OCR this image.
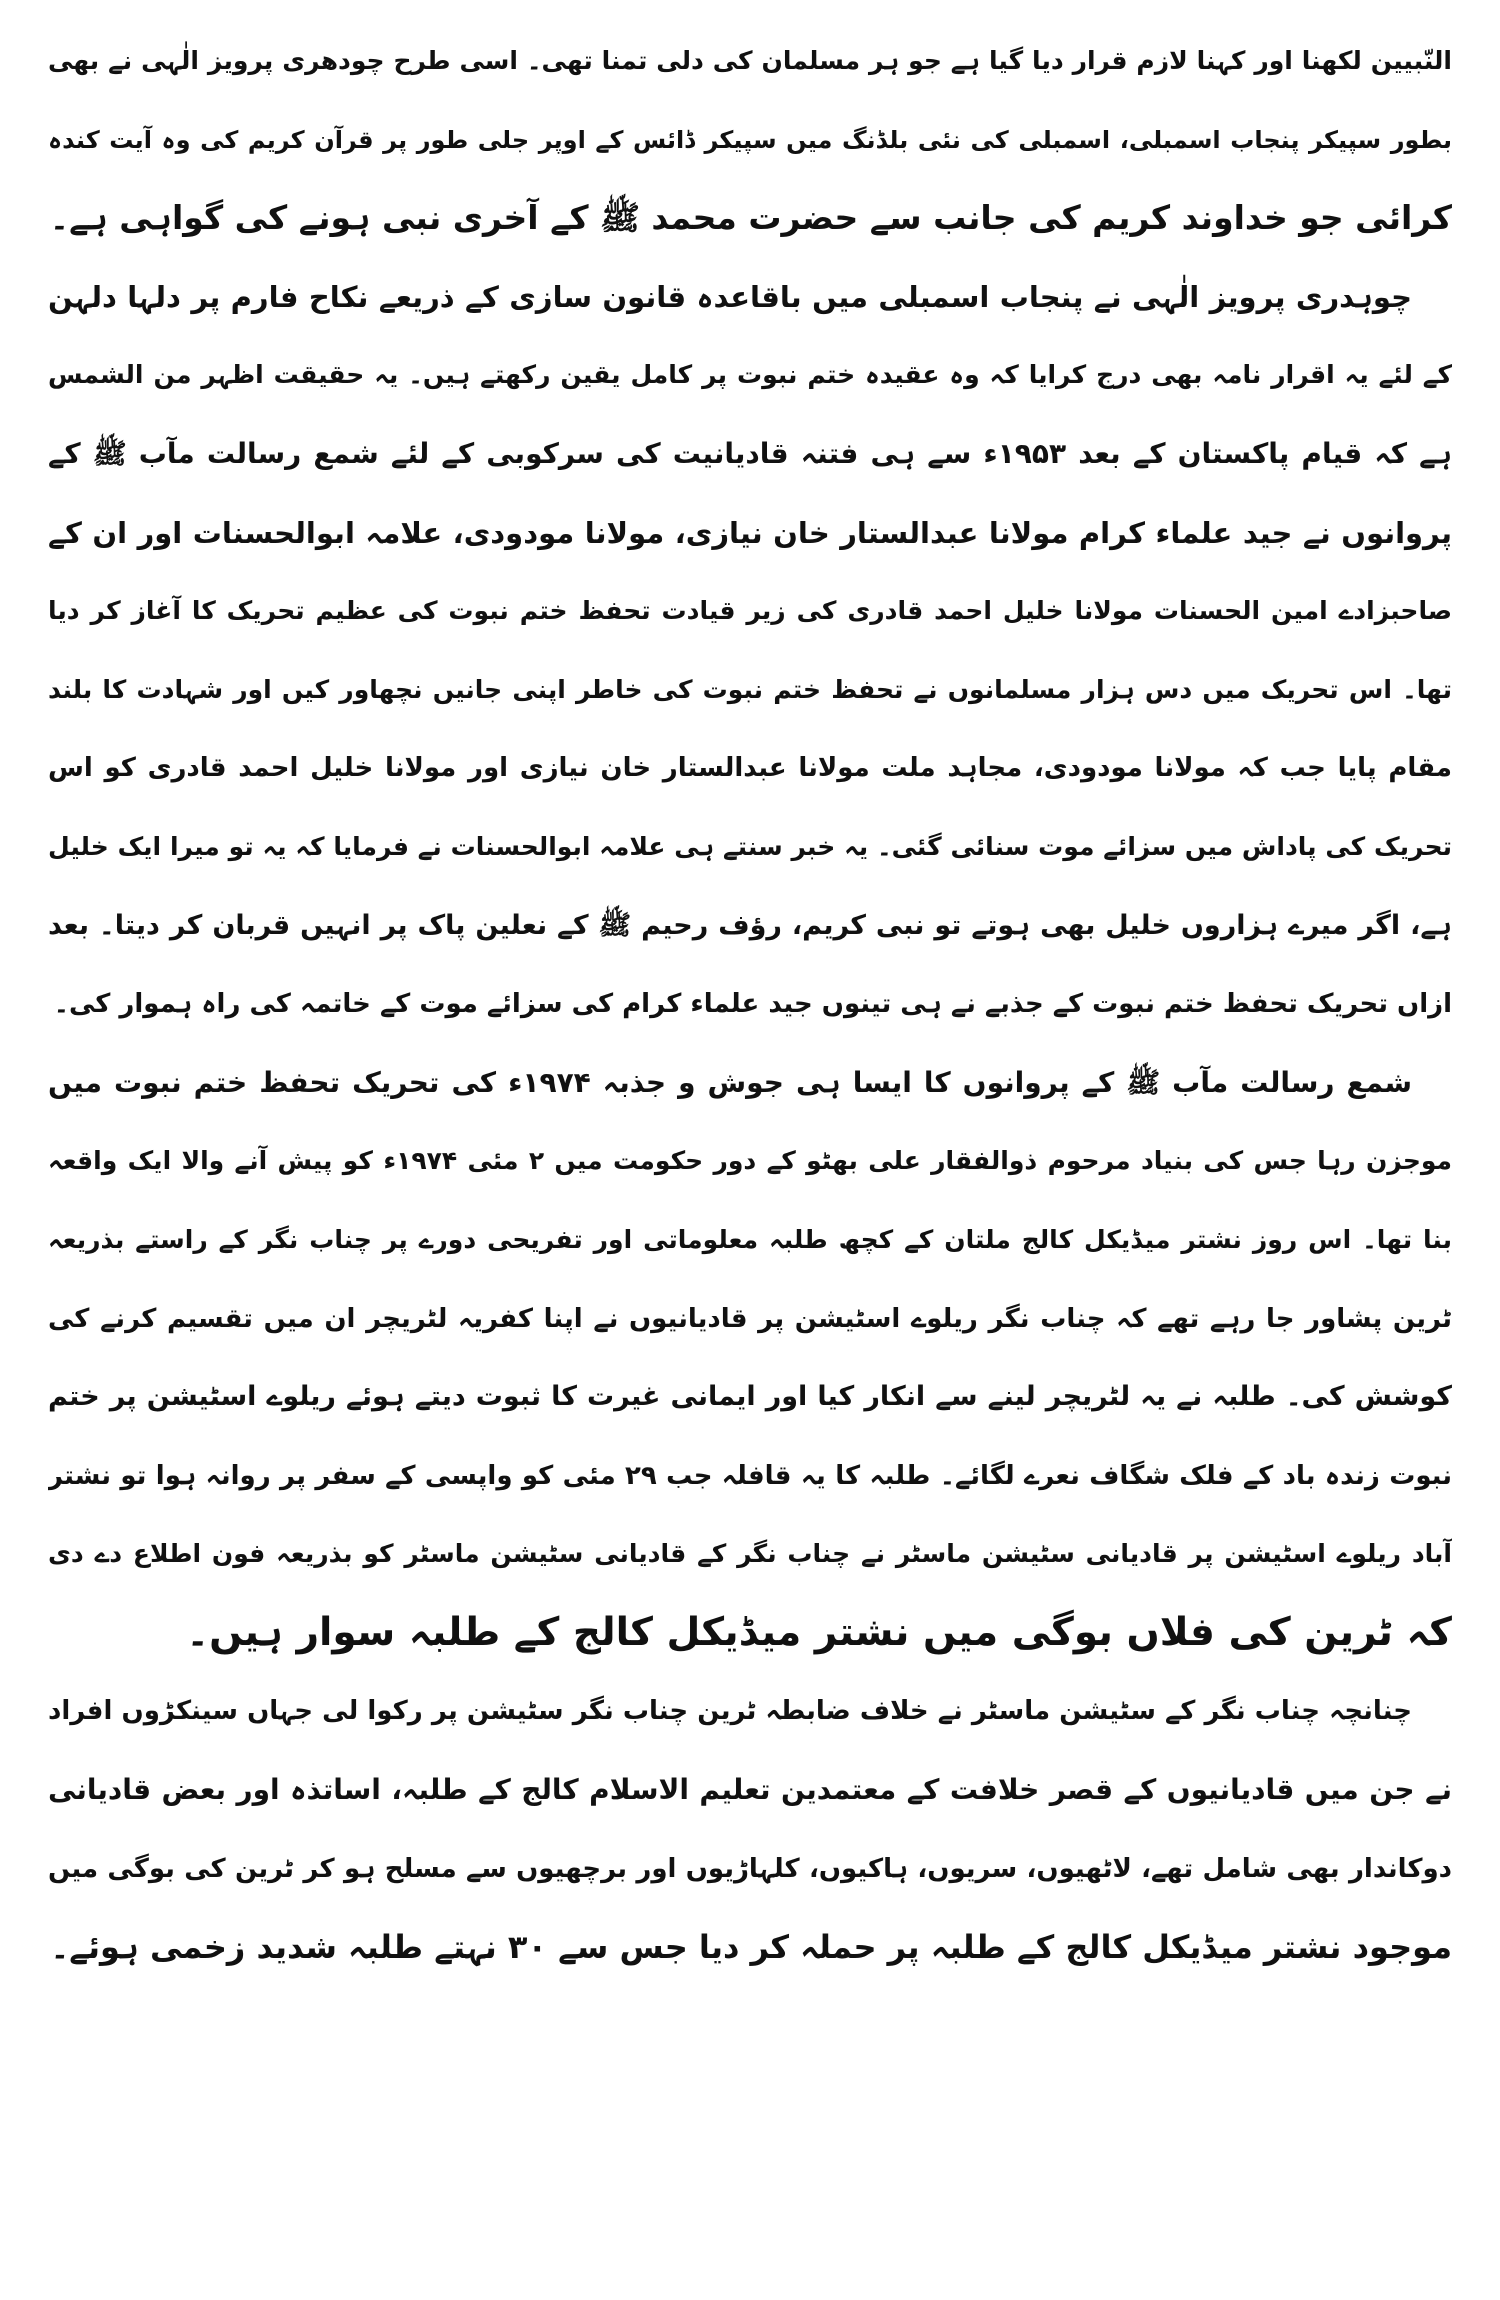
النّبیین لکھنا اور کہنا لازم قرار دیا گیا ہے جو ہر مسلمان کی دلی تمنا تھی۔ اسی طرح چودھری پرویز الٰہی نے بھی
بطور سپیکر پنجاب اسمبلی، اسمبلی کی نئی بلڈنگ میں سپیکر ڈائس کے اوپر جلی طور پر قرآن کریم کی وہ آیت کندہ
کرائی جو خداوند کریم کی جانب سے حضرت محمد ﷺ کے آخری نبی ہونے کی گواہی ہے۔
چوہدری پرویز الٰہی نے پنجاب اسمبلی میں باقاعدہ قانون سازی کے ذریعے نکاح فارم پر دلہا دلہن
کے لئے یہ اقرار نامہ بھی درج کرایا کہ وہ عقیدہ ختم نبوت پر کامل یقین رکھتے ہیں۔ یہ حقیقت اظہر من الشمس
ہے کہ قیام پاکستان کے بعد ۱۹۵۳ء سے ہی فتنہ قادیانیت کی سرکوبی کے لئے شمع رسالت مآب ﷺ کے
پروانوں نے جید علماء کرام مولانا عبدالستار خان نیازی، مولانا مودودی، علامہ ابوالحسنات اور ان کے
صاحبزادے امین الحسنات مولانا خلیل احمد قادری کی زیر قیادت تحفظ ختم نبوت کی عظیم تحریک کا آغاز کر دیا
تھا۔ اس تحریک میں دس ہزار مسلمانوں نے تحفظ ختم نبوت کی خاطر اپنی جانیں نچھاور کیں اور شہادت کا بلند
مقام پایا جب کہ مولانا مودودی، مجاہد ملت مولانا عبدالستار خان نیازی اور مولانا خلیل احمد قادری کو اس
تحریک کی پاداش میں سزائے موت سنائی گئی۔ یہ خبر سنتے ہی علامہ ابوالحسنات نے فرمایا کہ یہ تو میرا ایک خلیل
ہے، اگر میرے ہزاروں خلیل بھی ہوتے تو نبی کریم، رؤف رحیم ﷺ کے نعلین پاک پر انہیں قربان کر دیتا۔ بعد
ازاں تحریک تحفظ ختم نبوت کے جذبے نے ہی تینوں جید علماء کرام کی سزائے موت کے خاتمہ کی راہ ہموار کی۔
شمع رسالت مآب ﷺ کے پروانوں کا ایسا ہی جوش و جذبہ ۱۹۷۴ء کی تحریک تحفظ ختم نبوت میں
موجزن رہا جس کی بنیاد مرحوم ذوالفقار علی بھٹو کے دور حکومت میں ۲ مئی ۱۹۷۴ء کو پیش آنے والا ایک واقعہ
بنا تھا۔ اس روز نشتر میڈیکل کالج ملتان کے کچھ طلبہ معلوماتی اور تفریحی دورے پر چناب نگر کے راستے بذریعہ
ٹرین پشاور جا رہے تھے کہ چناب نگر ریلوے اسٹیشن پر قادیانیوں نے اپنا کفریہ لٹریچر ان میں تقسیم کرنے کی
کوشش کی۔ طلبہ نے یہ لٹریچر لینے سے انکار کیا اور ایمانی غیرت کا ثبوت دیتے ہوئے ریلوے اسٹیشن پر ختم
نبوت زندہ باد کے فلک شگاف نعرے لگائے۔ طلبہ کا یہ قافلہ جب ۲۹ مئی کو واپسی کے سفر پر روانہ ہوا تو نشتر
آباد ریلوے اسٹیشن پر قادیانی سٹیشن ماسٹر نے چناب نگر کے قادیانی سٹیشن ماسٹر کو بذریعہ فون اطلاع دے دی
کہ ٹرین کی فلاں بوگی میں نشتر میڈیکل کالج کے طلبہ سوار ہیں۔
چنانچہ چناب نگر کے سٹیشن ماسٹر نے خلاف ضابطہ ٹرین چناب نگر سٹیشن پر رکوا لی جہاں سینکڑوں افراد
نے جن میں قادیانیوں کے قصر خلافت کے معتمدین تعلیم الاسلام کالج کے طلبہ، اساتذہ اور بعض قادیانی
دوکاندار بھی شامل تھے، لاٹھیوں، سریوں، ہاکیوں، کلہاڑیوں اور برچھیوں سے مسلح ہو کر ٹرین کی بوگی میں
موجود نشتر میڈیکل کالج کے طلبہ پر حملہ کر دیا جس سے ۳۰ نہتے طلبہ شدید زخمی ہوئے۔
